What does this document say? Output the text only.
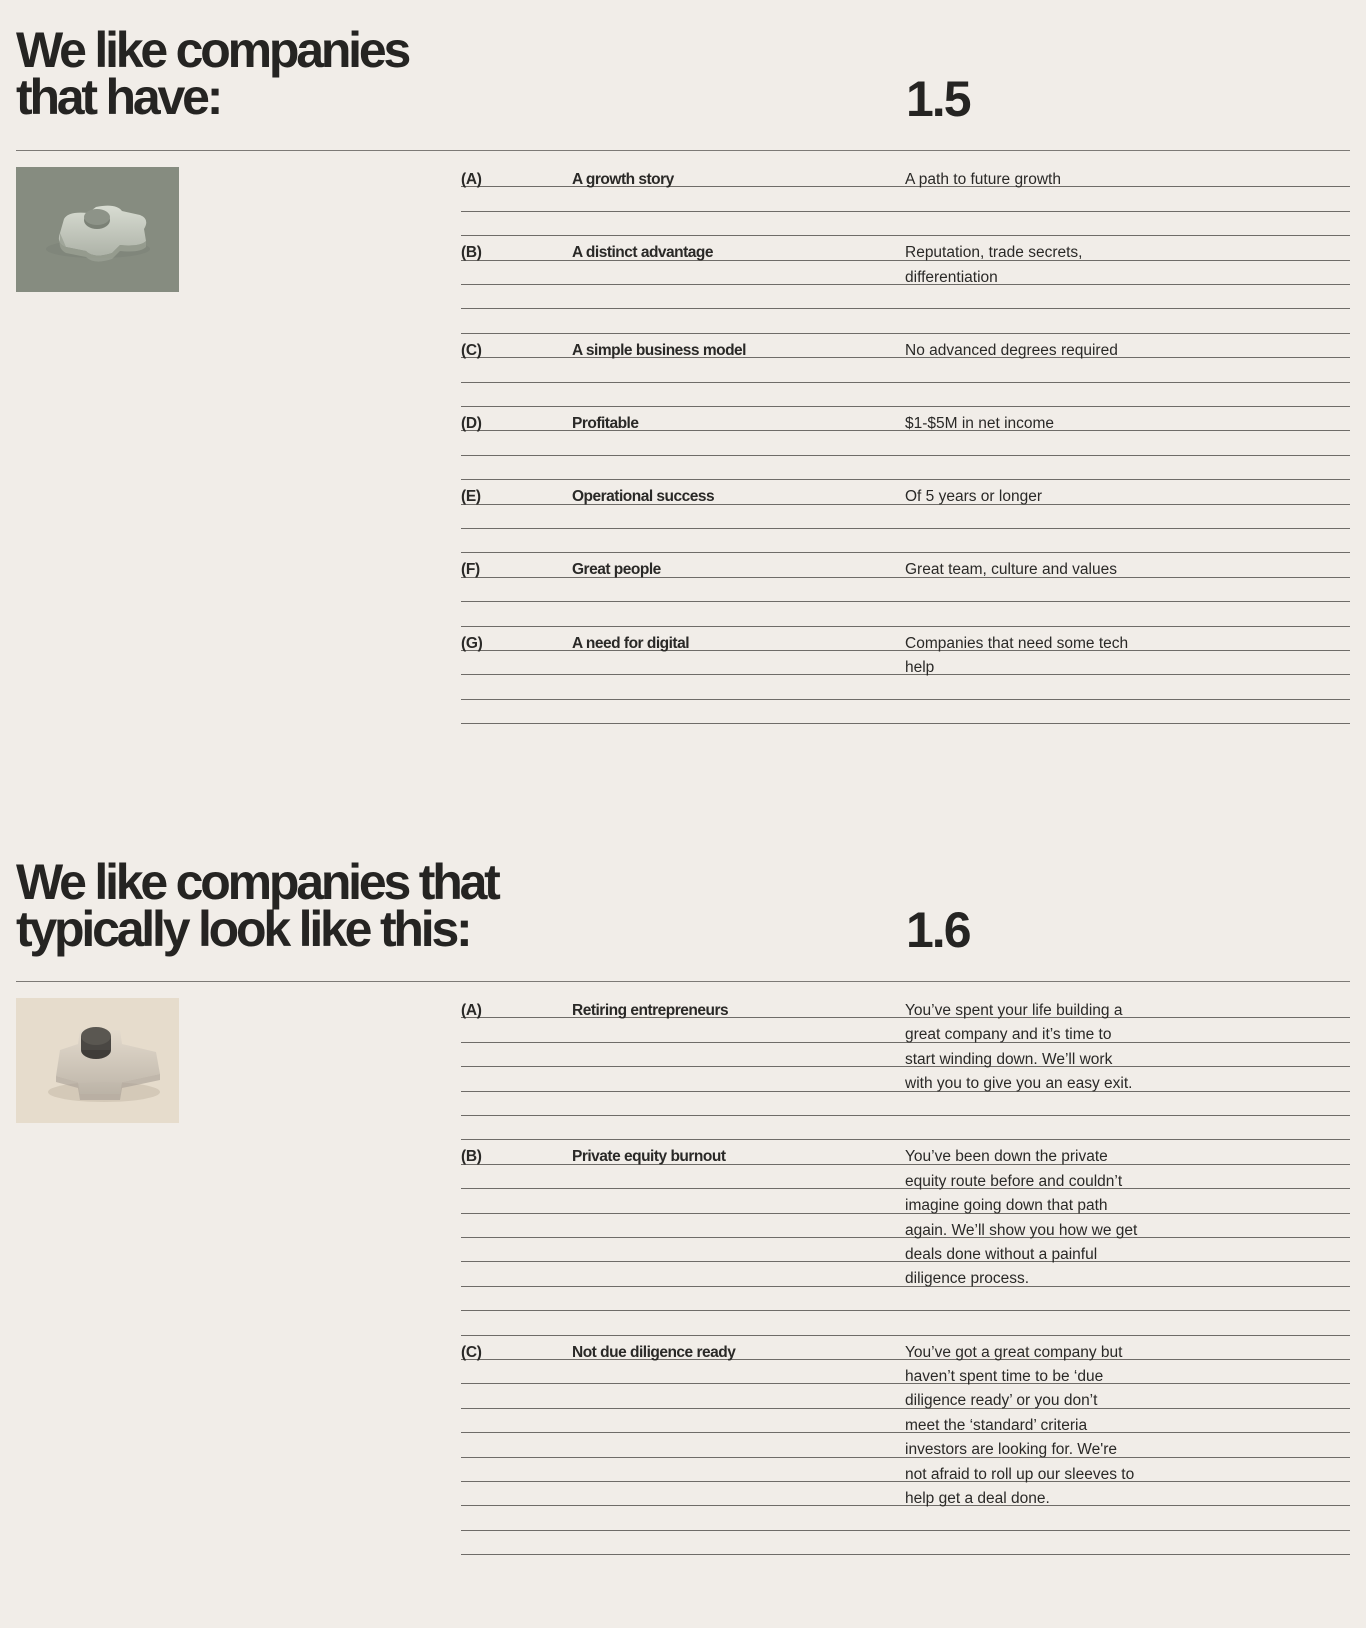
We like companies
that have:	1.5
(A)	A growth story	A path to future growth
(B)	A distinct advantage	Reputation, trade secrets,
differentiation
(C)	A simple business model	No advanced degrees required
(D)	Profitable	$1-$5M in net income
(E)	Operational success	Of 5 years or longer
(F)	Great people	Great team, culture and values
(G)	A need for digital	Companies that need some tech
help
We like companies that
typically look like this:	1.6
(A)	Retiring entrepreneurs	You’ve spent your life building a
great company and it’s time to
start winding down. We’ll work
with you to give you an easy exit.
(B)	Private equity burnout	You’ve been down the private
equity route before and couldn’t
imagine going down that path
again. We’ll show you how we get
deals done without a painful
diligence process.
(C)	Not due diligence ready	You’ve got a great company but
haven’t spent time to be ‘due
diligence ready’ or you don’t
meet the ‘standard’ criteria
investors are looking for. We're
not afraid to roll up our sleeves to
help get a deal done.
